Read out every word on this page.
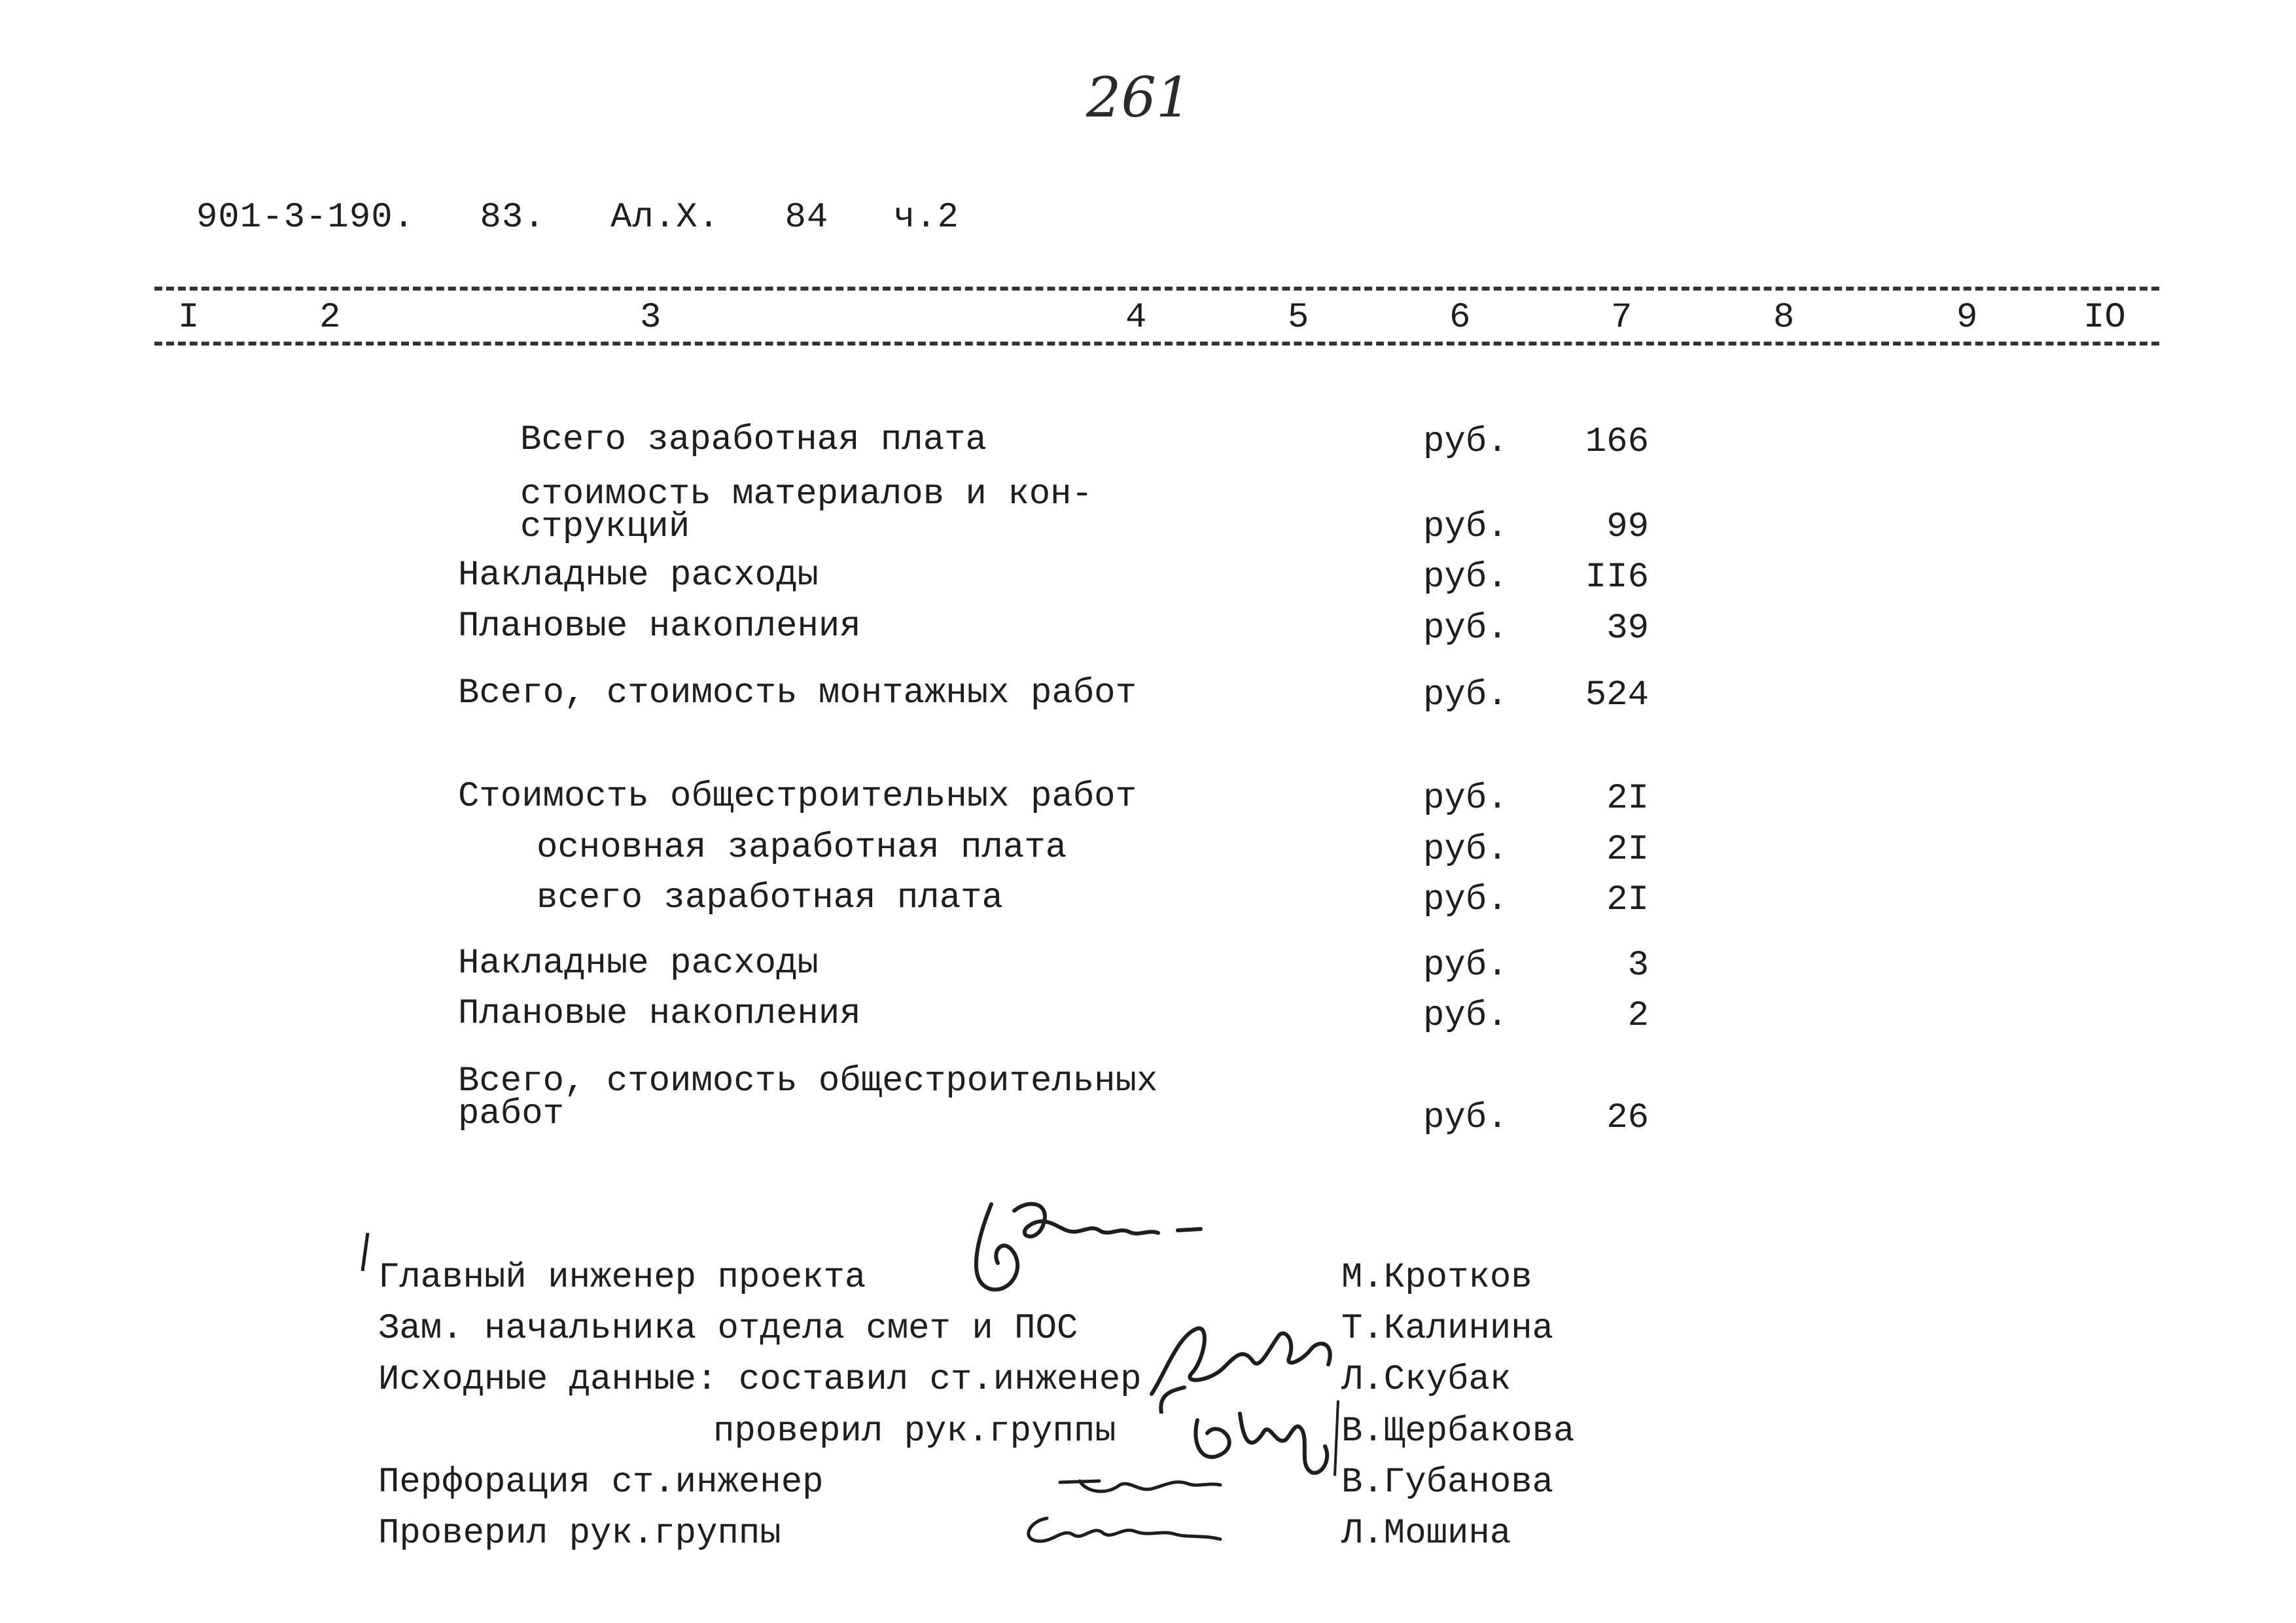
261
901-3-190. 83. Ал.Х. 84 ч.2
I	2	3	4	5	6	7	8	9	IO
Всего заработная плата	руб.	166
стоимость материалов и кон-
струкций	руб.	99
Накладные расходы	руб.	II6
Плановые накопления	руб.	39
Всего, стоимость монтажных работ	руб.	524
Стоимость общестроительных работ	руб.	2I
основная заработная плата	руб.	2I
всего заработная плата	руб.	2I
Накладные расходы	руб.	3
Плановые накопления	руб.	2
Всего, стоимость общестроительных
работ	руб.	26
Главный инженер проекта	М.Кротков
Зам. начальника отдела смет и ПОС	Т.Калинина
Исходные данные: составил ст.инженер	Л.Скубак
проверил рук.группы	В.Щербакова
Перфорация ст.инженер	В.Губанова
Проверил рук.группы	Л.Мошина
